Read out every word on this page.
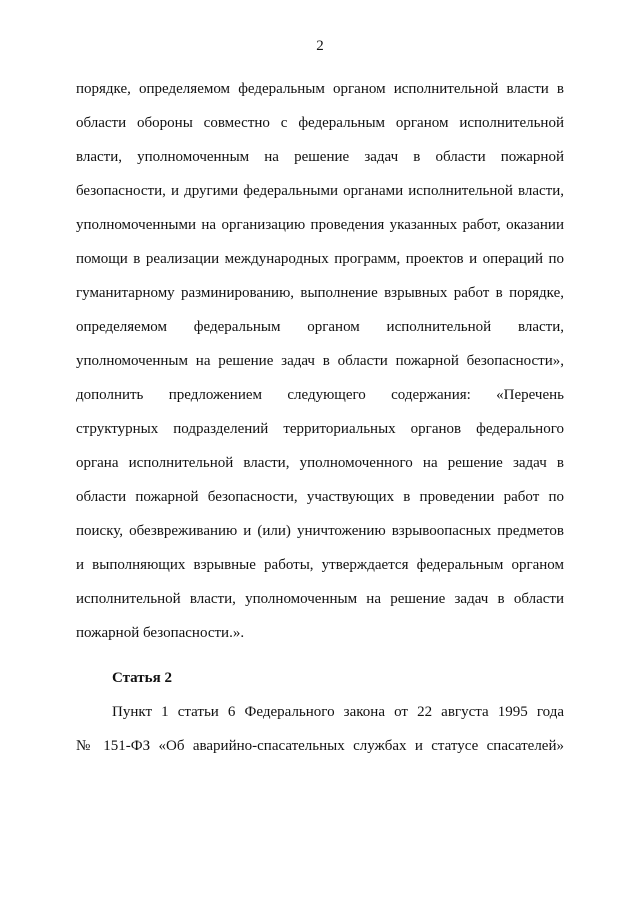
2
порядке, определяемом федеральным органом исполнительной власти в
области обороны совместно с федеральным органом исполнительной
власти, уполномоченным на решение задач в области пожарной
безопасности, и другими федеральными органами исполнительной власти,
уполномоченными на организацию проведения указанных работ, оказании
помощи в реализации международных программ, проектов и операций по
гуманитарному разминированию, выполнение взрывных работ в порядке,
определяемом федеральным органом исполнительной власти,
уполномоченным на решение задач в области пожарной безопасности»,
дополнить предложением следующего содержания: «Перечень
структурных подразделений территориальных органов федерального
органа исполнительной власти, уполномоченного на решение задач в
области пожарной безопасности, участвующих в проведении работ по
поиску, обезвреживанию и (или) уничтожению взрывоопасных предметов
и выполняющих взрывные работы, утверждается федеральным органом
исполнительной власти, уполномоченным на решение задач в области
пожарной безопасности.».
Статья 2
Пункт 1 статьи 6 Федерального закона от 22 августа 1995 года
№ 151-ФЗ «Об аварийно-спасательных службах и статусе спасателей»
